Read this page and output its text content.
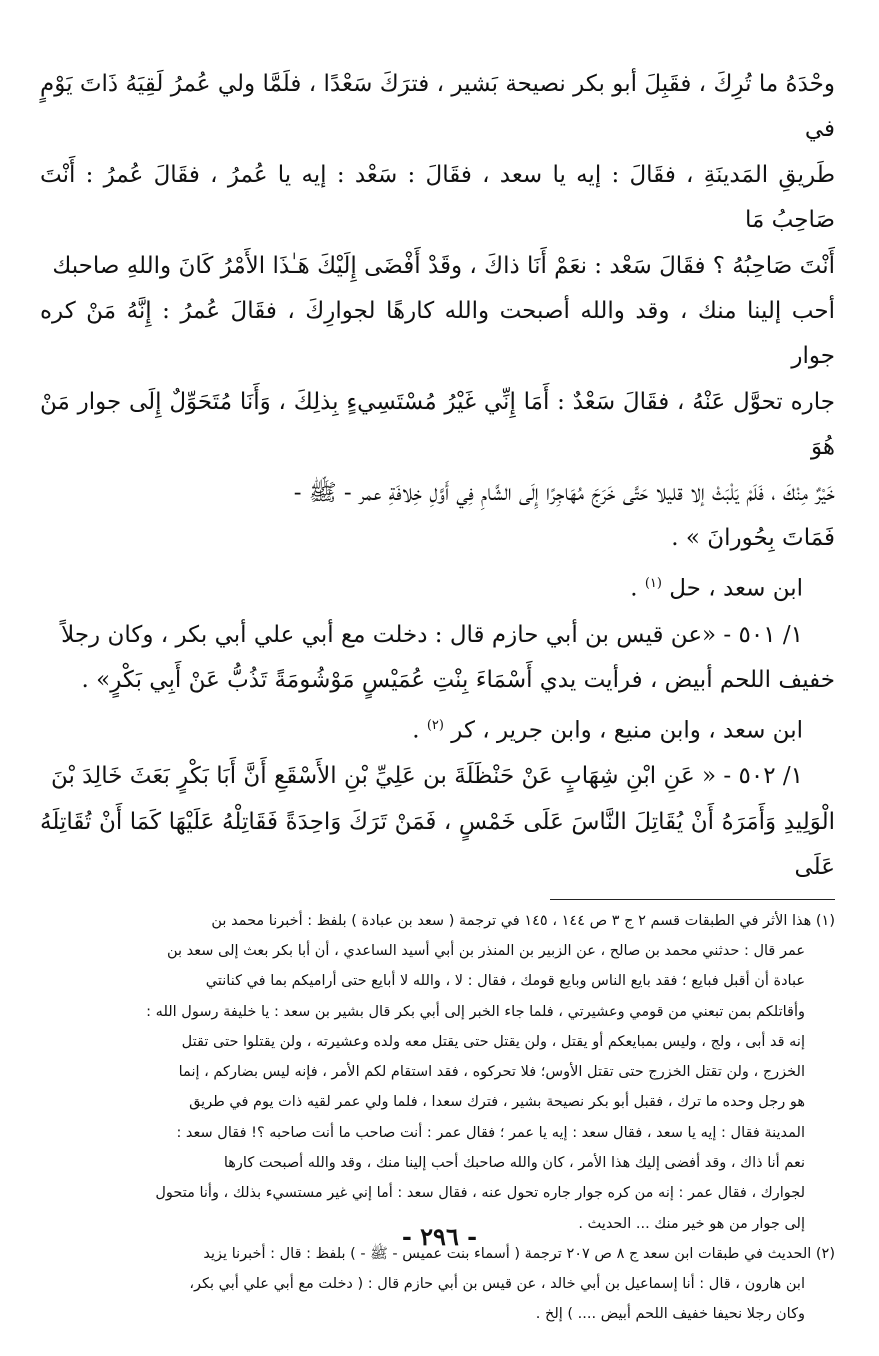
وحْدَهُ ما تُرِكَ ، فقَبِلَ أبو بكر نصيحة بَشير ، فترَكَ سَعْدًا ، فلَمَّا ولي عُمرُ لَقِيَهُ ذَاتَ يَوْمٍ في

طَريقِ المَدينَةِ ، فقَالَ : إيه يا سعد ، فقَالَ : سَعْد : إيه يا عُمرُ ، فقَالَ عُمرُ : أَنْتَ صَاحِبُ مَا

أَنْتَ صَاحِبُهُ ؟ فقَالَ سَعْد : نعَمْ أَنَا ذاكَ ، وقَدْ أَفْضَى إِلَيْكَ هَـٰذَا الأَمْرُ كَانَ واللهِ صاحبك

أحب إلينا منك ، وقد والله أصبحت والله كارهًا لجوارِكَ ، فقَالَ عُمرُ : إِنَّهُ مَنْ كره جوار

جاره تحوَّل عَنْهُ ، فقَالَ سَعْدٌ : أَمَا إِنِّي غَيْرُ مُسْتَسِيءٍ بِذلِكَ ، وَأَنَا مُتَحَوِّلٌ إِلَى جوار مَنْ هُوَ

خَيْرٌ مِنْكَ ، فَلَمْ يَلْبَثْ إلا قليلا حَتَّى خَرَجَ مُهَاجِرًا إِلَى الشَّامِ فِي أَوَّلِ خِلافَةِ عمر - ﷺ -

فَمَاتَ بِحُورانَ » .

ابن سعد ، حل $^{(١)}$ .

١/ ٥٠١ - «عن قيس بن أبي حازم قال : دخلت مع أبي علي أبي بكر ، وكان رجلاً

خفيف اللحم أبيض ، فرأيت يدي أَسْمَاءَ بِنْتِ عُمَيْسٍ مَوْشُومَةً تَذُبُّ عَنْ أَبِي بَكْرٍ» .

ابن سعد ، وابن منيع ، وابن جرير ، كر $^{(٢)}$ .

١/ ٥٠٢ - « عَنِ ابْنِ شِهَابٍ عَنْ حَنْظَلَةَ بن عَلِيِّ بْنِ الأَسْقَعِ أَنَّ أَبَا بَكْرٍ بَعَثَ خَالِدَ بْنَ

الْوَلِيدِ وَأَمَرَهُ أَنْ يُقَاتِلَ النَّاسَ عَلَى خَمْسٍ ، فَمَنْ تَرَكَ وَاحِدَةً فَقَاتِلْهُ عَلَيْهَا كَمَا أَنْ تُقَاتِلَهُ عَلَى

(١) هذا الأثر في الطبقات قسم ٢ ج ٣ ص ١٤٤ ، ١٤٥ في ترجمة ( سعد بن عبادة ) بلفظ : أخبرنا محمد بن

عمر قال : حدثني محمد بن صالح ، عن الزبير بن المنذر بن أبي أسيد الساعدي ، أن أبا بكر بعث إلى سعد بن

عبادة أن أقبل فبايع ؛ فقد بايع الناس وبايع قومك ، فقال : لا ، والله لا أبايع حتى أراميكم بما في كنانتي

وأقاتلكم بمن تبعني من قومي وعشيرتي ، فلما جاء الخبر إلى أبي بكر قال بشير بن سعد : يا خليفة رسول الله :

إنه قد أبى ، ولج ، وليس بمبايعكم أو يقتل ، ولن يقتل حتى يقتل معه ولده وعشيرته ، ولن يقتلوا حتى تقتل

الخزرج ، ولن تقتل الخزرج حتى تقتل الأوس؛ فلا تحركوه ، فقد استقام لكم الأمر ، فإنه ليس بضاركم ، إنما

هو رجل وحده ما ترك ، فقبل أبو بكر نصيحة بشير ، فترك سعدا ، فلما ولي عمر لقيه ذات يوم في طريق

المدينة فقال : إيه يا سعد ، فقال سعد : إيه يا عمر ؛ فقال عمر : أنت صاحب ما أنت صاحبه ؟! فقال سعد :

نعم أنا ذاك ، وقد أفضى إليك هذا الأمر ، كان والله صاحبك أحب إلينا منك ، وقد والله أصبحت كارها

لجوارك ، فقال عمر : إنه من كره جوار جاره تحول عنه ، فقال سعد : أما إني غير مستسيء بذلك ، وأنا متحول

إلى جوار من هو خير منك ... الحديث .

(٢) الحديث في طبقات ابن سعد ج ٨ ص ٢٠٧ ترجمة ( أسماء بنت عميس - ﷺ - ) بلفظ : قال : أخبرنا يزيد

ابن هارون ، قال : أنا إسماعيل بن أبي خالد ، عن قيس بن أبي حازم قال : ( دخلت مع أبي علي أبي بكر،

وكان رجلا نحيفا خفيف اللحم أبيض .... ) إلخ .

- ٢٩٦ -
